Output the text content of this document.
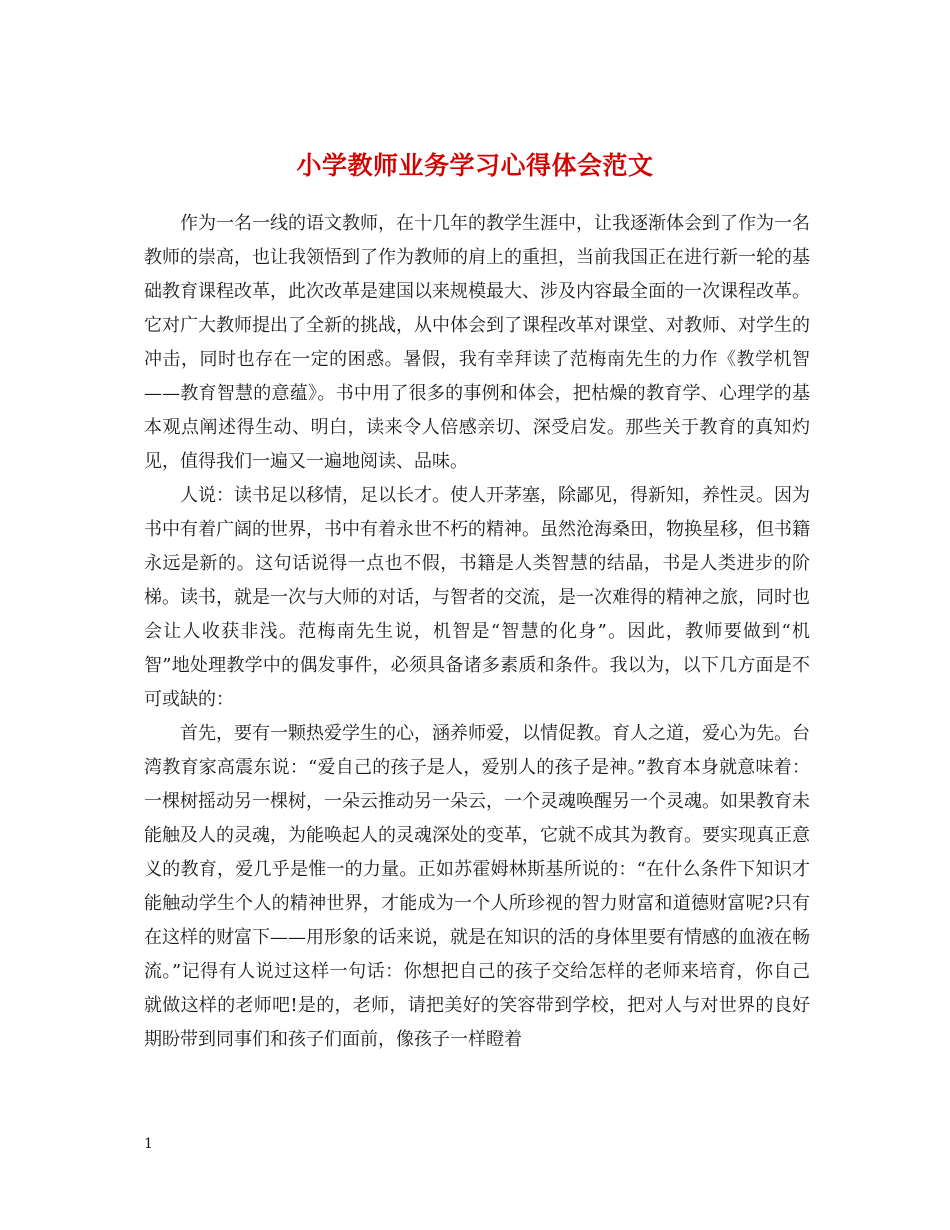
小学教师业务学习心得体会范文

作为一名一线的语文教师，在十几年的教学生涯中，让我逐渐体会到了作为一名教师的崇高，也让我领悟到了作为教师的肩上的重担，当前我国正在进行新一轮的基础教育课程改革，此次改革是建国以来规模最大、涉及内容最全面的一次课程改革。它对广大教师提出了全新的挑战，从中体会到了课程改革对课堂、对教师、对学生的冲击，同时也存在一定的困惑。暑假，我有幸拜读了范梅南先生的力作《教学机智——教育智慧的意蕴》。书中用了很多的事例和体会，把枯燥的教育学、心理学的基本观点阐述得生动、明白，读来令人倍感亲切、深受启发。那些关于教育的真知灼见，值得我们一遍又一遍地阅读、品味。

人说：读书足以移情，足以长才。使人开茅塞，除鄙见，得新知，养性灵。因为书中有着广阔的世界，书中有着永世不朽的精神。虽然沧海桑田，物换星移，但书籍永远是新的。这句话说得一点也不假，书籍是人类智慧的结晶，书是人类进步的阶梯。读书，就是一次与大师的对话，与智者的交流，是一次难得的精神之旅，同时也会让人收获非浅。范梅南先生说，机智是“智慧的化身”。因此，教师要做到“机智”地处理教学中的偶发事件，必须具备诸多素质和条件。我以为，以下几方面是不可或缺的：

首先，要有一颗热爱学生的心，涵养师爱，以情促教。育人之道，爱心为先。台湾教育家高震东说：“爱自己的孩子是人，爱别人的孩子是神。”教育本身就意味着：一棵树摇动另一棵树，一朵云推动另一朵云，一个灵魂唤醒另一个灵魂。如果教育未能触及人的灵魂，为能唤起人的灵魂深处的变革，它就不成其为教育。要实现真正意义的教育，爱几乎是惟一的力量。正如苏霍姆林斯基所说的：“在什么条件下知识才能触动学生个人的精神世界，才能成为一个人所珍视的智力财富和道德财富呢?只有在这样的财富下——用形象的话来说，就是在知识的活的身体里要有情感的血液在畅流。”记得有人说过这样一句话：你想把自己的孩子交给怎样的老师来培育，你自己就做这样的老师吧!是的，老师，请把美好的笑容带到学校，把对人与对世界的良好期盼带到同事们和孩子们面前，像孩子一样瞪着

1
